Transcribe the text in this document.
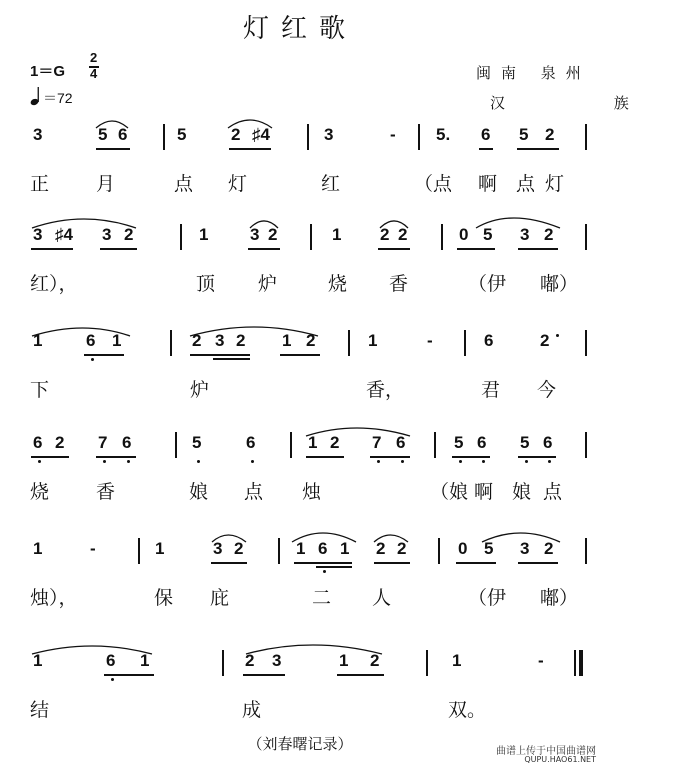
灯红歌
1＝G
2
4
＝72
闽南 泉州
汉 族
3	5 6	5	2 ♯4	3	- 5. 6 5 2
正 月	点 灯	红	（点 啊 点 灯
3 ♯4 3 2	1 3 2	1 2 2	0 5 3 2
红），	顶 炉	烧 香	（伊 嘟）
1	6 1	2 3 2 1 2	1	-	6	2
下	炉	香，	君 今
6 2 7 6	5	6	1 2 7 6	5 6 5 6
烧 香	娘 点 烛	（娘 啊 娘 点
1	-	1	3 2	1 6 1 2 2	0 5 3 2
烛），	保 庇	二 人	（伊 嘟）
1	6 1	2 3	1 2	1	-
结	成	双。
（刘春曙记录）	曲谱上传于中国曲谱网
QUPU.HAO61.NET
